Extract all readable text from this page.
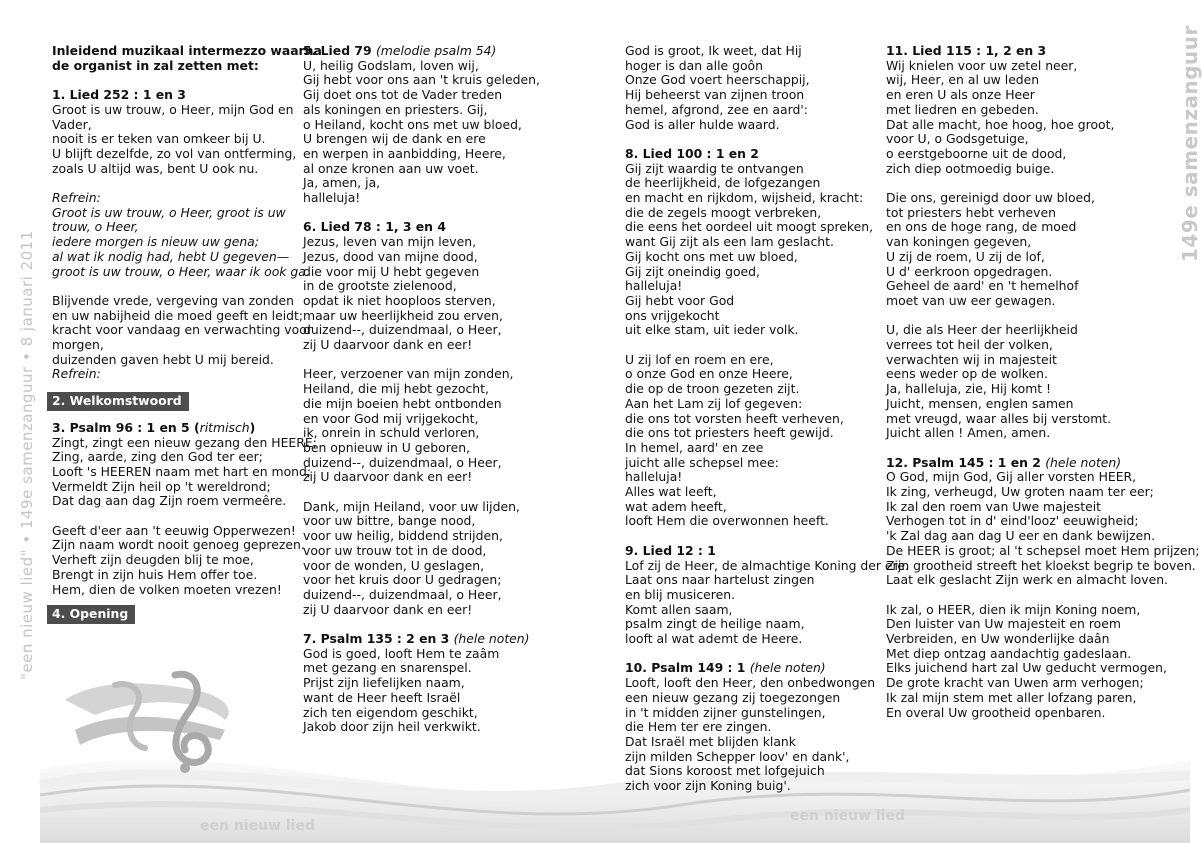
"een nieuw lied" • 149e samenzanguur • 8 januari 2011
149e samenzanguur
een nieuw lied
een nieuw lied

Inleidend muzikaal intermezzo waarna

de organist in zal zetten met:

1. Lied 252 : 1 en 3

Groot is uw trouw, o Heer, mijn God en

Vader,

nooit is er teken van omkeer bij U.

U blijft dezelfde, zo vol van ontferming,

zoals U altijd was, bent U ook nu.

Refrein:

Groot is uw trouw, o Heer, groot is uw

trouw, o Heer,

iedere morgen is nieuw uw gena;

al wat ik nodig had, hebt U gegeven—

groot is uw trouw, o Heer, waar ik ook ga.

Blijvende vrede, vergeving van zonden

en uw nabijheid die moed geeft en leidt;

kracht voor vandaag en verwachting voor

morgen,

duizenden gaven hebt U mij bereid.

Refrein:

2. Welkomstwoord

3. Psalm 96 : 1 en 5 (ritmisch)

Zingt, zingt een nieuw gezang den HEERE;

Zing, aarde, zing den God ter eer;

Looft 's HEEREN naam met hart en mond;

Vermeldt Zijn heil op 't wereldrond;

Dat dag aan dag Zijn roem vermeêre.

Geeft d'eer aan 't eeuwig Opperwezen!

Zijn naam wordt nooit genoeg geprezen.

Verheft zijn deugden blij te moe,

Brengt in zijn huis Hem offer toe.

Hem, dien de volken moeten vrezen!

4. Opening

5. Lied 79 (melodie psalm 54)

U, heilig Godslam, loven wij,

Gij hebt voor ons aan 't kruis geleden,

Gij doet ons tot de Vader treden

als koningen en priesters. Gij,

o Heiland, kocht ons met uw bloed,

U brengen wij de dank en ere

en werpen in aanbidding, Heere,

al onze kronen aan uw voet.

Ja, amen, ja,

halleluja!

6. Lied 78 : 1, 3 en 4

Jezus, leven van mijn leven,

Jezus, dood van mijne dood,

die voor mij U hebt gegeven

in de grootste zielenood,

opdat ik niet hooploos sterven,

maar uw heerlijkheid zou erven,

duizend--, duizendmaal, o Heer,

zij U daarvoor dank en eer!

Heer, verzoener van mijn zonden,

Heiland, die mij hebt gezocht,

die mijn boeien hebt ontbonden

en voor God mij vrijgekocht,

ik, onrein in schuld verloren,

ben opnieuw in U geboren,

duizend--, duizendmaal, o Heer,

zij U daarvoor dank en eer!

Dank, mijn Heiland, voor uw lijden,

voor uw bittre, bange nood,

voor uw heilig, biddend strijden,

voor uw trouw tot in de dood,

voor de wonden, U geslagen,

voor het kruis door U gedragen;

duizend--, duizendmaal, o Heer,

zij U daarvoor dank en eer!

7. Psalm 135 : 2 en 3 (hele noten)

God is goed, looft Hem te zaâm

met gezang en snarenspel.

Prijst zijn liefelijken naam,

want de Heer heeft Israël

zich ten eigendom geschikt,

Jakob door zijn heil verkwikt.

God is groot, Ik weet, dat Hij

hoger is dan alle goôn

Onze God voert heerschappij,

Hij beheerst van zijnen troon

hemel, afgrond, zee en aard':

God is aller hulde waard.

8. Lied 100 : 1 en 2

Gij zijt waardig te ontvangen

de heerlijkheid, de lofgezangen

en macht en rijkdom, wijsheid, kracht:

die de zegels moogt verbreken,

die eens het oordeel uit moogt spreken,

want Gij zijt als een lam geslacht.

Gij kocht ons met uw bloed,

Gij zijt oneindig goed,

halleluja!

Gij hebt voor God

ons vrijgekocht

uit elke stam, uit ieder volk.

U zij lof en roem en ere,

o onze God en onze Heere,

die op de troon gezeten zijt.

Aan het Lam zij lof gegeven:

die ons tot vorsten heeft verheven,

die ons tot priesters heeft gewijd.

In hemel, aard' en zee

juicht alle schepsel mee:

halleluja!

Alles wat leeft,

wat adem heeft,

looft Hem die overwonnen heeft.

9. Lied 12 : 1

Lof zij de Heer, de almachtige Koning der ere.

Laat ons naar hartelust zingen

en blij musiceren.

Komt allen saam,

psalm zingt de heilige naam,

looft al wat ademt de Heere.

10. Psalm 149 : 1 (hele noten)

Looft, looft den Heer, den onbedwongen

een nieuw gezang zij toegezongen

in 't midden zijner gunstelingen,

die Hem ter ere zingen.

Dat Israël met blijden klank

zijn milden Schepper loov' en dank',

dat Sions koroost met lofgejuich

zich voor zijn Koning buig'.

11. Lied 115 : 1, 2 en 3

Wij knielen voor uw zetel neer,

wij, Heer, en al uw leden

en eren U als onze Heer

met liedren en gebeden.

Dat alle macht, hoe hoog, hoe groot,

voor U, o Godsgetuige,

o eerstgeboorne uit de dood,

zich diep ootmoedig buige.

Die ons, gereinigd door uw bloed,

tot priesters hebt verheven

en ons de hoge rang, de moed

van koningen gegeven,

U zij de roem, U zij de lof,

U d' eerkroon opgedragen.

Geheel de aard' en 't hemelhof

moet van uw eer gewagen.

U, die als Heer der heerlijkheid

verrees tot heil der volken,

verwachten wij in majesteit

eens weder op de wolken.

Ja, halleluja, zie, Hij komt !

Juicht, mensen, englen samen

met vreugd, waar alles bij verstomt.

Juicht allen ! Amen, amen.

12. Psalm 145 : 1 en 2 (hele noten)

O God, mijn God, Gij aller vorsten HEER,

Ik zing, verheugd, Uw groten naam ter eer;

Ik zal den roem van Uwe majesteit

Verhogen tot in d' eind'looz' eeuwigheid;

'k Zal dag aan dag U eer en dank bewijzen.

De HEER is groot; al 't schepsel moet Hem prijzen;

Zijn grootheid streeft het kloekst begrip te boven.

Laat elk geslacht Zijn werk en almacht loven.

Ik zal, o HEER, dien ik mijn Koning noem,

Den luister van Uw majesteit en roem

Verbreiden, en Uw wonderlijke daân

Met diep ontzag aandachtig gadeslaan.

Elks juichend hart zal Uw geducht vermogen,

De grote kracht van Uwen arm verhogen;

Ik zal mijn stem met aller lofzang paren,

En overal Uw grootheid openbaren.
